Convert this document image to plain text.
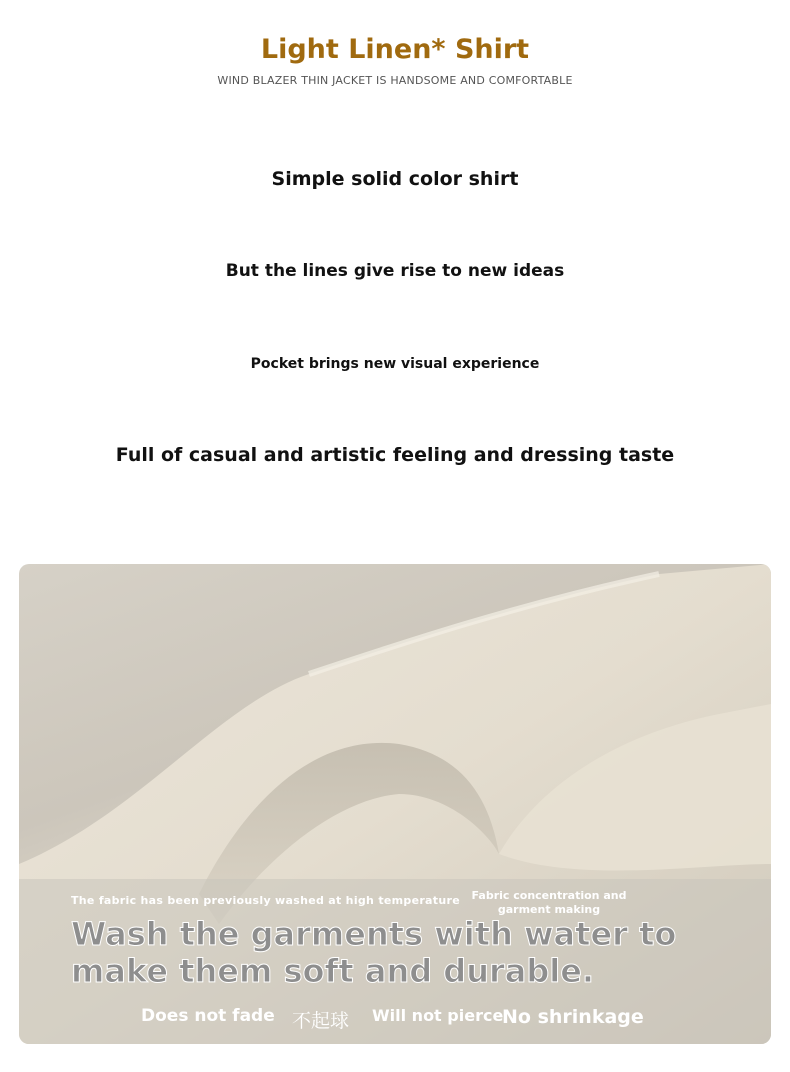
Light Linen* Shirt
WIND BLAZER THIN JACKET IS HANDSOME AND COMFORTABLE
Simple solid color shirt
But the lines give rise to new ideas
Pocket brings new visual experience
Full of casual and artistic feeling and dressing taste
The fabric has been previously washed at high temperature	Fabric concentration and garment making
Wash the garments with water to make them soft and durable.
Does not fade 不起球 Will not pierce
No shrinkage
